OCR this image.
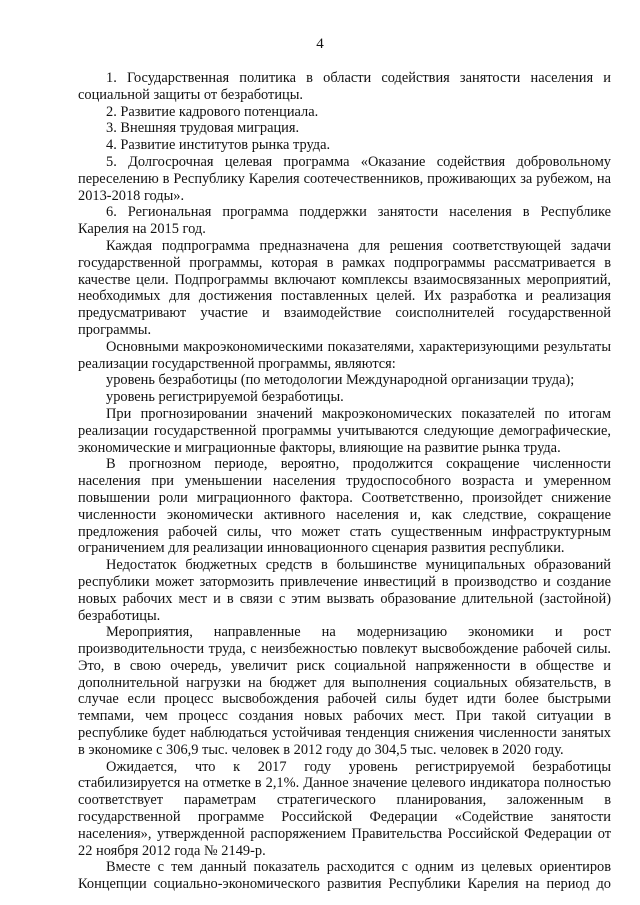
4

1. Государственная политика в области содействия занятости населения и социальной защиты от безработицы.

2. Развитие кадрового потенциала.

3. Внешняя трудовая миграция.

4. Развитие институтов рынка труда.

5. Долгосрочная целевая программа «Оказание содействия добровольному переселению в Республику Карелия соотечественников, проживающих за рубежом, на 2013-2018 годы».

6. Региональная программа поддержки занятости населения в Республике Карелия на 2015 год.

Каждая подпрограмма предназначена для решения соответствующей задачи государственной программы, которая в рамках подпрограммы рассматривается в качестве цели. Подпрограммы включают комплексы взаимосвязанных мероприятий, необходимых для достижения поставленных целей. Их разработка и реализация предусматривают участие и взаимодействие соисполнителей государственной программы.

Основными макроэкономическими показателями, характеризующими результаты реализации государственной программы, являются:

уровень безработицы (по методологии Международной организации труда);

уровень регистрируемой безработицы.

При прогнозировании значений макроэкономических показателей по итогам реализации государственной программы учитываются следующие демографические, экономические и миграционные факторы, влияющие на развитие рынка труда.

В прогнозном периоде, вероятно, продолжится сокращение численности населения при уменьшении населения трудоспособного возраста и умеренном повышении роли миграционного фактора. Соответственно, произойдет снижение численности экономически активного населения и, как следствие, сокращение предложения рабочей силы, что может стать существенным инфраструктурным ограничением для реализации инновационного сценария развития республики.

Недостаток бюджетных средств в большинстве муниципальных образований республики может затормозить привлечение инвестиций в производство и создание новых рабочих мест и в связи с этим вызвать образование длительной (застойной) безработицы.

Мероприятия, направленные на модернизацию экономики и рост производительности труда, с неизбежностью повлекут высвобождение рабочей силы. Это, в свою очередь, увеличит риск социальной напряженности в обществе и дополнительной нагрузки на бюджет для выполнения социальных обязательств, в случае если процесс высвобождения рабочей силы будет идти более быстрыми темпами, чем процесс создания новых рабочих мест. При такой ситуации в республике будет наблюдаться устойчивая тенденция снижения численности занятых в экономике с 306,9 тыс. человек в 2012 году до 304,5 тыс. человек в 2020 году.

Ожидается, что к 2017 году уровень регистрируемой безработицы стабилизируется на отметке в 2,1%. Данное значение целевого индикатора полностью соответствует параметрам стратегического планирования, заложенным в государственной программе Российской Федерации «Содействие занятости населения», утвержденной распоряжением Правительства Российской Федерации от 22 ноября 2012 года № 2149-р.

Вместе с тем данный показатель расходится с одним из целевых ориентиров Концепции социально-экономического развития Республики Карелия на период до
